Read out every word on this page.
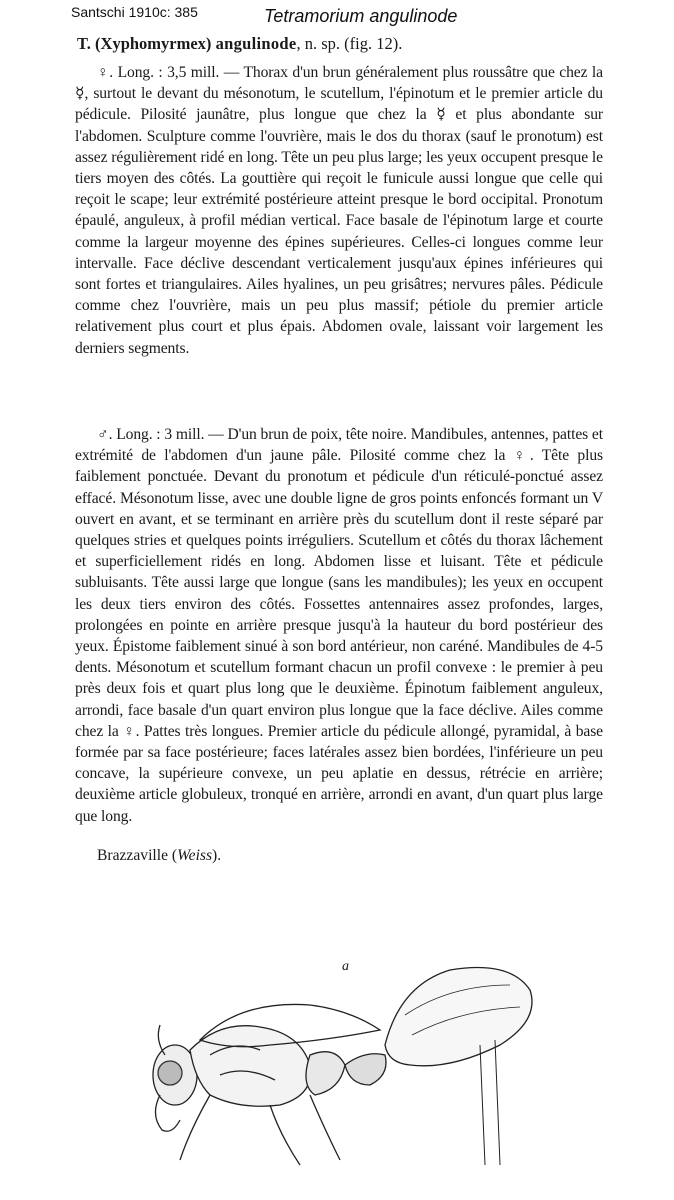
Santschi 1910c: 385	Tetramorium angulinode
T. (Xyphomyrmex) angulinode, n. sp. (fig. 12).
♀. Long. : 3,5 mill. — Thorax d'un brun généralement plus roussâtre que chez la ☿, surtout le devant du mésonotum, le scutellum, l'épinotum et le premier article du pédicule. Pilosité jaunâtre, plus longue que chez la ☿ et plus abondante sur l'abdomen. Sculpture comme l'ouvrière, mais le dos du thorax (sauf le pronotum) est assez régulièrement ridé en long. Tête un peu plus large; les yeux occupent presque le tiers moyen des côtés. La gouttière qui reçoit le funicule aussi longue que celle qui reçoit le scape; leur extrémité postérieure atteint presque le bord occipital. Pronotum épaulé, anguleux, à profil médian vertical. Face basale de l'épinotum large et courte comme la largeur moyenne des épines supérieures. Celles-ci longues comme leur intervalle. Face déclive descendant verticalement jusqu'aux épines inférieures qui sont fortes et triangulaires. Ailes hyalines, un peu grisâtres; nervures pâles. Pédicule comme chez l'ouvrière, mais un peu plus massif; pétiole du premier article relativement plus court et plus épais. Abdomen ovale, laissant voir largement les derniers segments.
♂. Long. : 3 mill. — D'un brun de poix, tête noire. Mandibules, antennes, pattes et extrémité de l'abdomen d'un jaune pâle. Pilosité comme chez la ♀. Tête plus faiblement ponctuée. Devant du pronotum et pédicule d'un réticulé-ponctué assez effacé. Mésonotum lisse, avec une double ligne de gros points enfoncés formant un V ouvert en avant, et se terminant en arrière près du scutellum dont il reste séparé par quelques stries et quelques points irréguliers. Scutellum et côtés du thorax lâchement et superficiellement ridés en long. Abdomen lisse et luisant. Tête et pédicule subluisants. Tête aussi large que longue (sans les mandibules); les yeux en occupent les deux tiers environ des côtés. Fossettes antennaires assez profondes, larges, prolongées en pointe en arrière presque jusqu'à la hauteur du bord postérieur des yeux. Épistome faiblement sinué à son bord antérieur, non caréné. Mandibules de 4-5 dents. Mésonotum et scutellum formant chacun un profil convexe : le premier à peu près deux fois et quart plus long que le deuxième. Épinotum faiblement anguleux, arrondi, face basale d'un quart environ plus longue que la face déclive. Ailes comme chez la ♀. Pattes très longues. Premier article du pédicule allongé, pyramidal, à base formée par sa face postérieure; faces latérales assez bien bordées, l'inférieure un peu concave, la supérieure convexe, un peu aplatie en dessus, rétrécie en arrière; deuxième article globuleux, tronqué en arrière, arrondi en avant, d'un quart plus large que long.
Brazzaville (Weiss).
a
